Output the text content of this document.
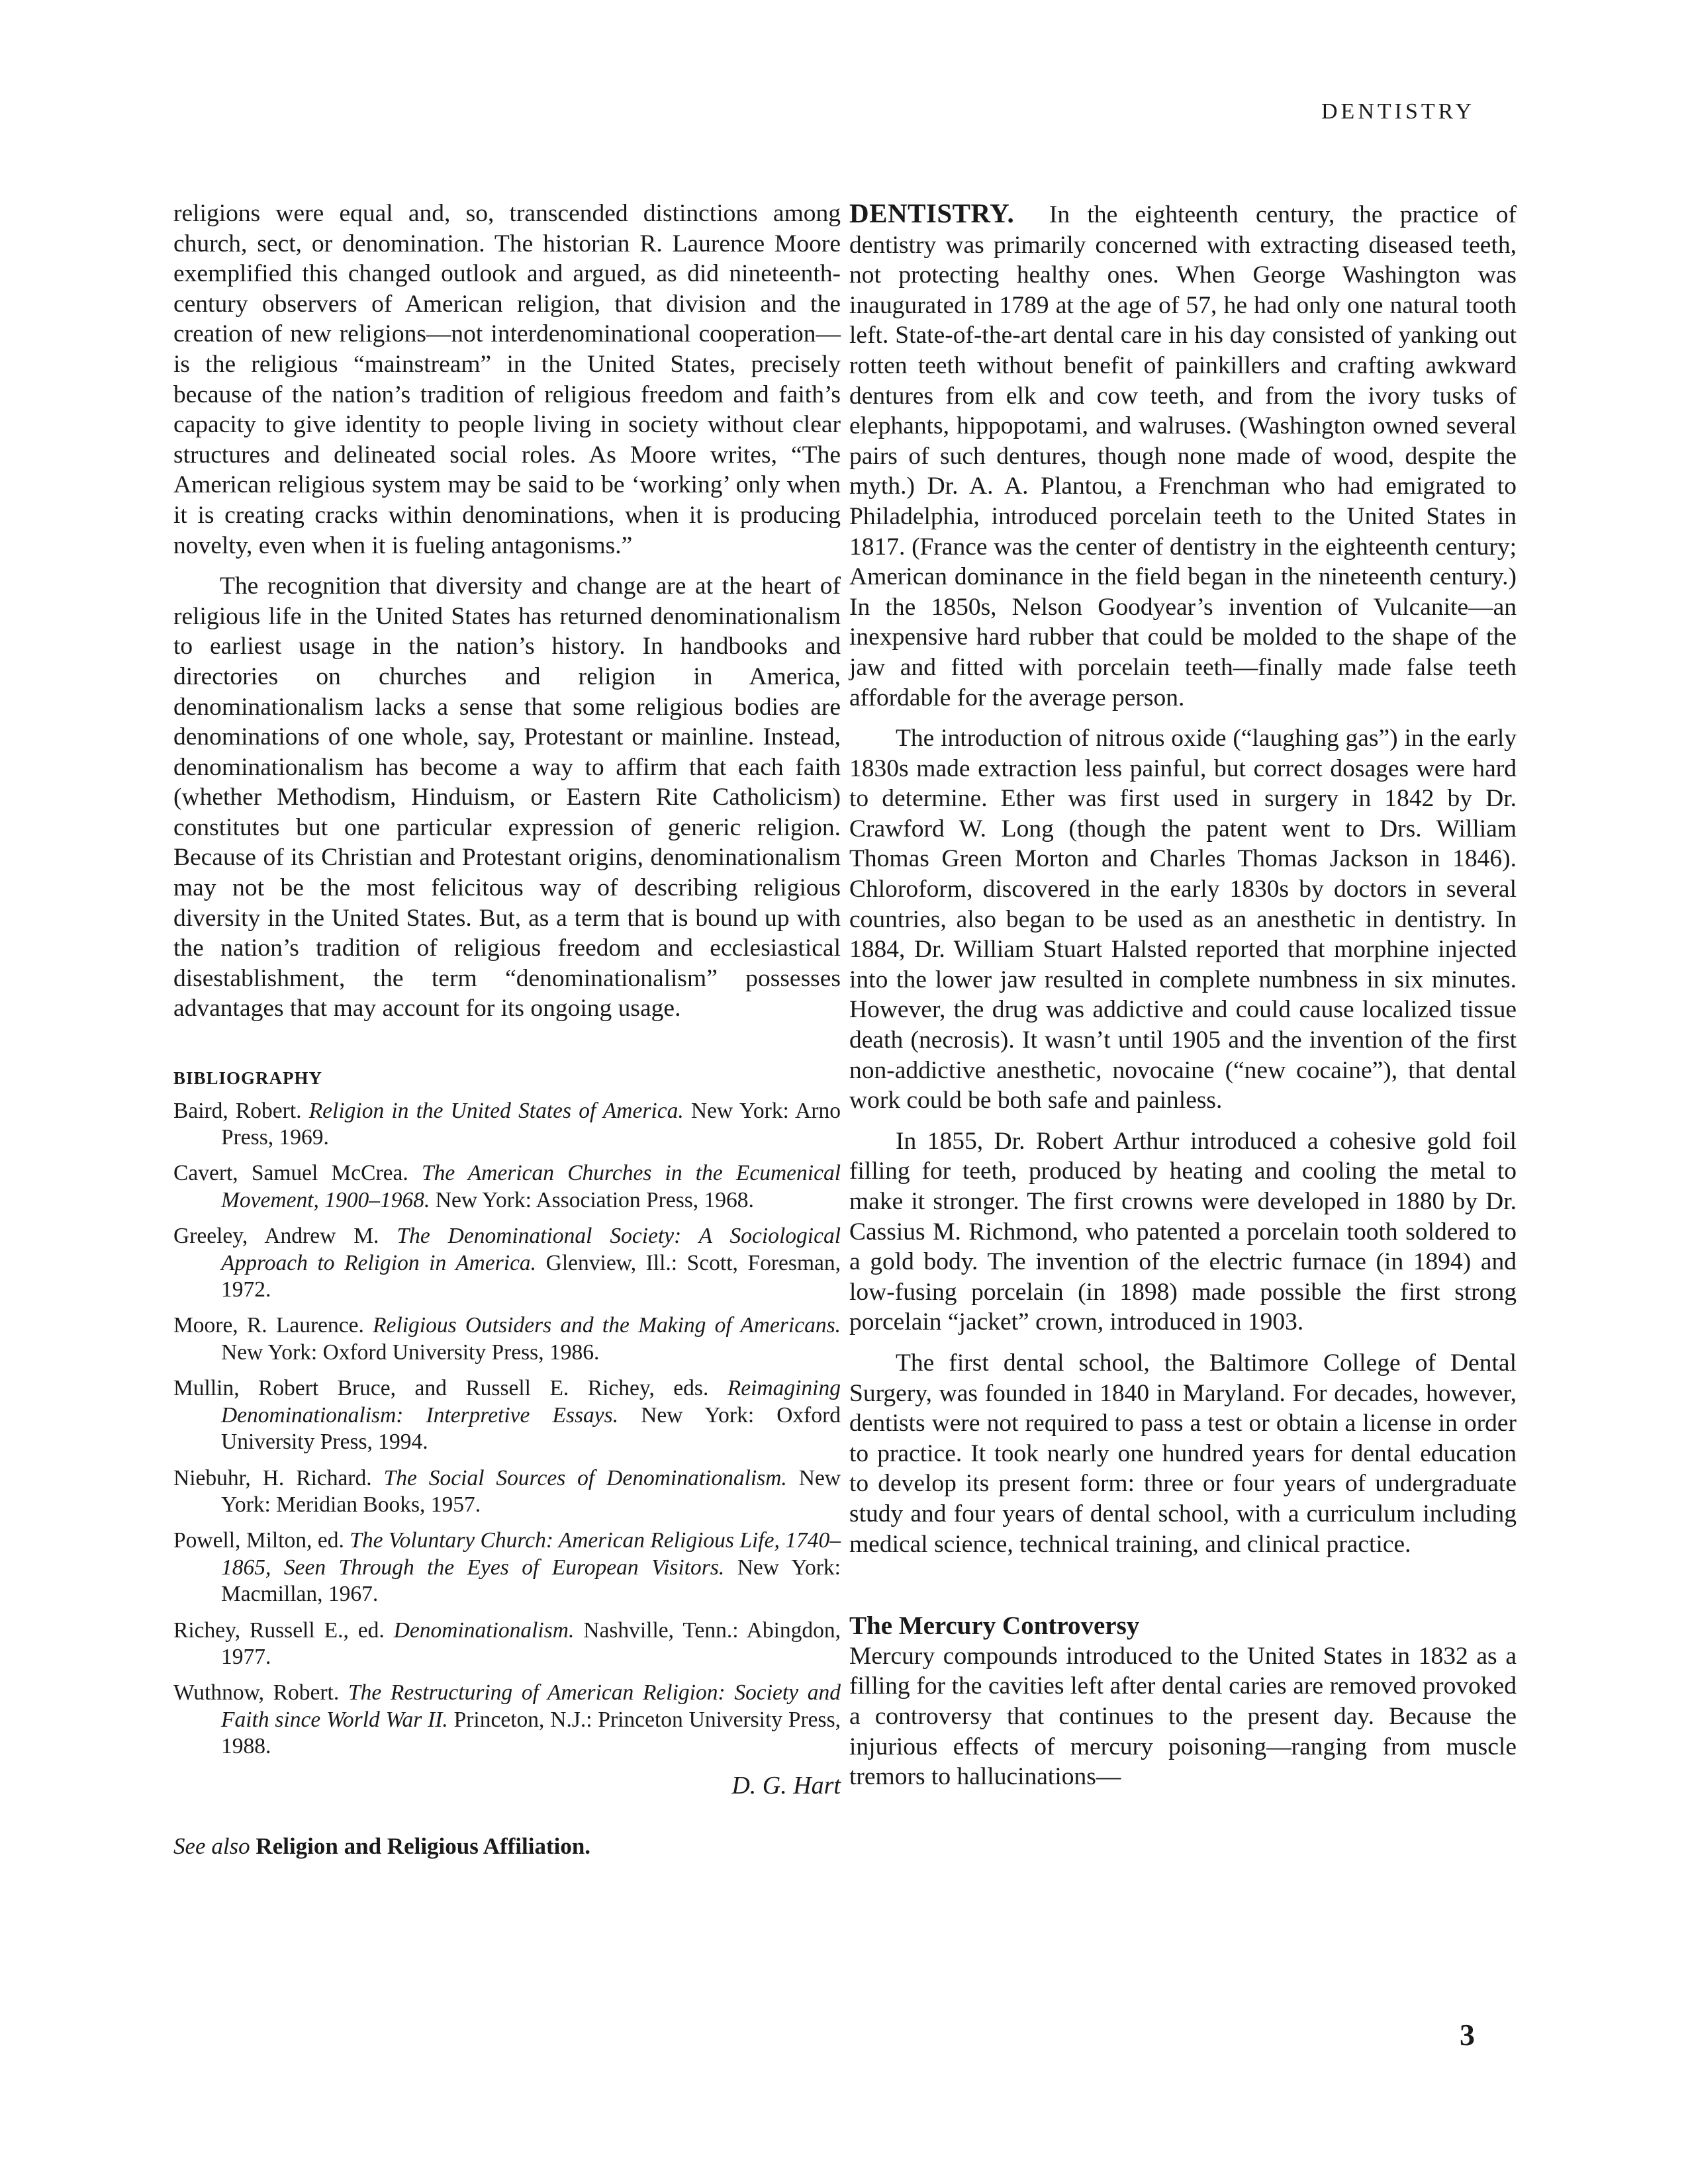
DENTISTRY

religions were equal and, so, transcended distinctions among church, sect, or denomination. The historian R. Laurence Moore exemplified this changed outlook and argued, as did nineteenth-century observers of American religion, that division and the creation of new religions—not interdenominational cooperation—is the religious “mainstream” in the United States, precisely because of the nation’s tradition of religious freedom and faith’s capacity to give identity to people living in society without clear structures and delineated social roles. As Moore writes, “The American religious system may be said to be ‘working’ only when it is creating cracks within denominations, when it is producing novelty, even when it is fueling antagonisms.”

The recognition that diversity and change are at the heart of religious life in the United States has returned denominationalism to earliest usage in the nation’s history. In handbooks and directories on churches and religion in America, denominationalism lacks a sense that some religious bodies are denominations of one whole, say, Protestant or mainline. Instead, denominationalism has become a way to affirm that each faith (whether Methodism, Hinduism, or Eastern Rite Catholicism) constitutes but one particular expression of generic religion. Because of its Christian and Protestant origins, denominationalism may not be the most felicitous way of describing religious diversity in the United States. But, as a term that is bound up with the nation’s tradition of religious freedom and ecclesiastical disestablishment, the term “denominationalism” possesses advantages that may account for its ongoing usage.

BIBLIOGRAPHY
Baird, Robert. Religion in the United States of America. New York: Arno Press, 1969.
Cavert, Samuel McCrea. The American Churches in the Ecumenical Movement, 1900–1968. New York: Association Press, 1968.
Greeley, Andrew M. The Denominational Society: A Sociological Approach to Religion in America. Glenview, Ill.: Scott, Foresman, 1972.
Moore, R. Laurence. Religious Outsiders and the Making of Americans. New York: Oxford University Press, 1986.
Mullin, Robert Bruce, and Russell E. Richey, eds. Reimagining Denominationalism: Interpretive Essays. New York: Oxford University Press, 1994.
Niebuhr, H. Richard. The Social Sources of Denominationalism. New York: Meridian Books, 1957.
Powell, Milton, ed. The Voluntary Church: American Religious Life, 1740–1865, Seen Through the Eyes of European Visitors. New York: Macmillan, 1967.
Richey, Russell E., ed. Denominationalism. Nashville, Tenn.: Abingdon, 1977.
Wuthnow, Robert. The Restructuring of American Religion: Society and Faith since World War II. Princeton, N.J.: Princeton University Press, 1988.
D. G. Hart
See also Religion and Religious Affiliation.

DENTISTRY. In the eighteenth century, the practice of dentistry was primarily concerned with extracting diseased teeth, not protecting healthy ones. When George Washington was inaugurated in 1789 at the age of 57, he had only one natural tooth left. State-of-the-art dental care in his day consisted of yanking out rotten teeth without benefit of painkillers and crafting awkward dentures from elk and cow teeth, and from the ivory tusks of elephants, hippopotami, and walruses. (Washington owned several pairs of such dentures, though none made of wood, despite the myth.) Dr. A. A. Plantou, a Frenchman who had emigrated to Philadelphia, introduced porcelain teeth to the United States in 1817. (France was the center of dentistry in the eighteenth century; American dominance in the field began in the nineteenth century.) In the 1850s, Nelson Goodyear’s invention of Vulcanite—an inexpensive hard rubber that could be molded to the shape of the jaw and fitted with porcelain teeth—finally made false teeth affordable for the average person.

The introduction of nitrous oxide (“laughing gas”) in the early 1830s made extraction less painful, but correct dosages were hard to determine. Ether was first used in surgery in 1842 by Dr. Crawford W. Long (though the patent went to Drs. William Thomas Green Morton and Charles Thomas Jackson in 1846). Chloroform, discovered in the early 1830s by doctors in several countries, also began to be used as an anesthetic in dentistry. In 1884, Dr. William Stuart Halsted reported that morphine injected into the lower jaw resulted in complete numbness in six minutes. However, the drug was addictive and could cause localized tissue death (necrosis). It wasn’t until 1905 and the invention of the first non-addictive anesthetic, novocaine (“new cocaine”), that dental work could be both safe and painless.

In 1855, Dr. Robert Arthur introduced a cohesive gold foil filling for teeth, produced by heating and cooling the metal to make it stronger. The first crowns were developed in 1880 by Dr. Cassius M. Richmond, who patented a porcelain tooth soldered to a gold body. The invention of the electric furnace (in 1894) and low-fusing porcelain (in 1898) made possible the first strong porcelain “jacket” crown, introduced in 1903.

The first dental school, the Baltimore College of Dental Surgery, was founded in 1840 in Maryland. For decades, however, dentists were not required to pass a test or obtain a license in order to practice. It took nearly one hundred years for dental education to develop its present form: three or four years of undergraduate study and four years of dental school, with a curriculum including medical science, technical training, and clinical practice.

The Mercury Controversy

Mercury compounds introduced to the United States in 1832 as a filling for the cavities left after dental caries are removed provoked a controversy that continues to the present day. Because the injurious effects of mercury poisoning—ranging from muscle tremors to hallucinations—

3
